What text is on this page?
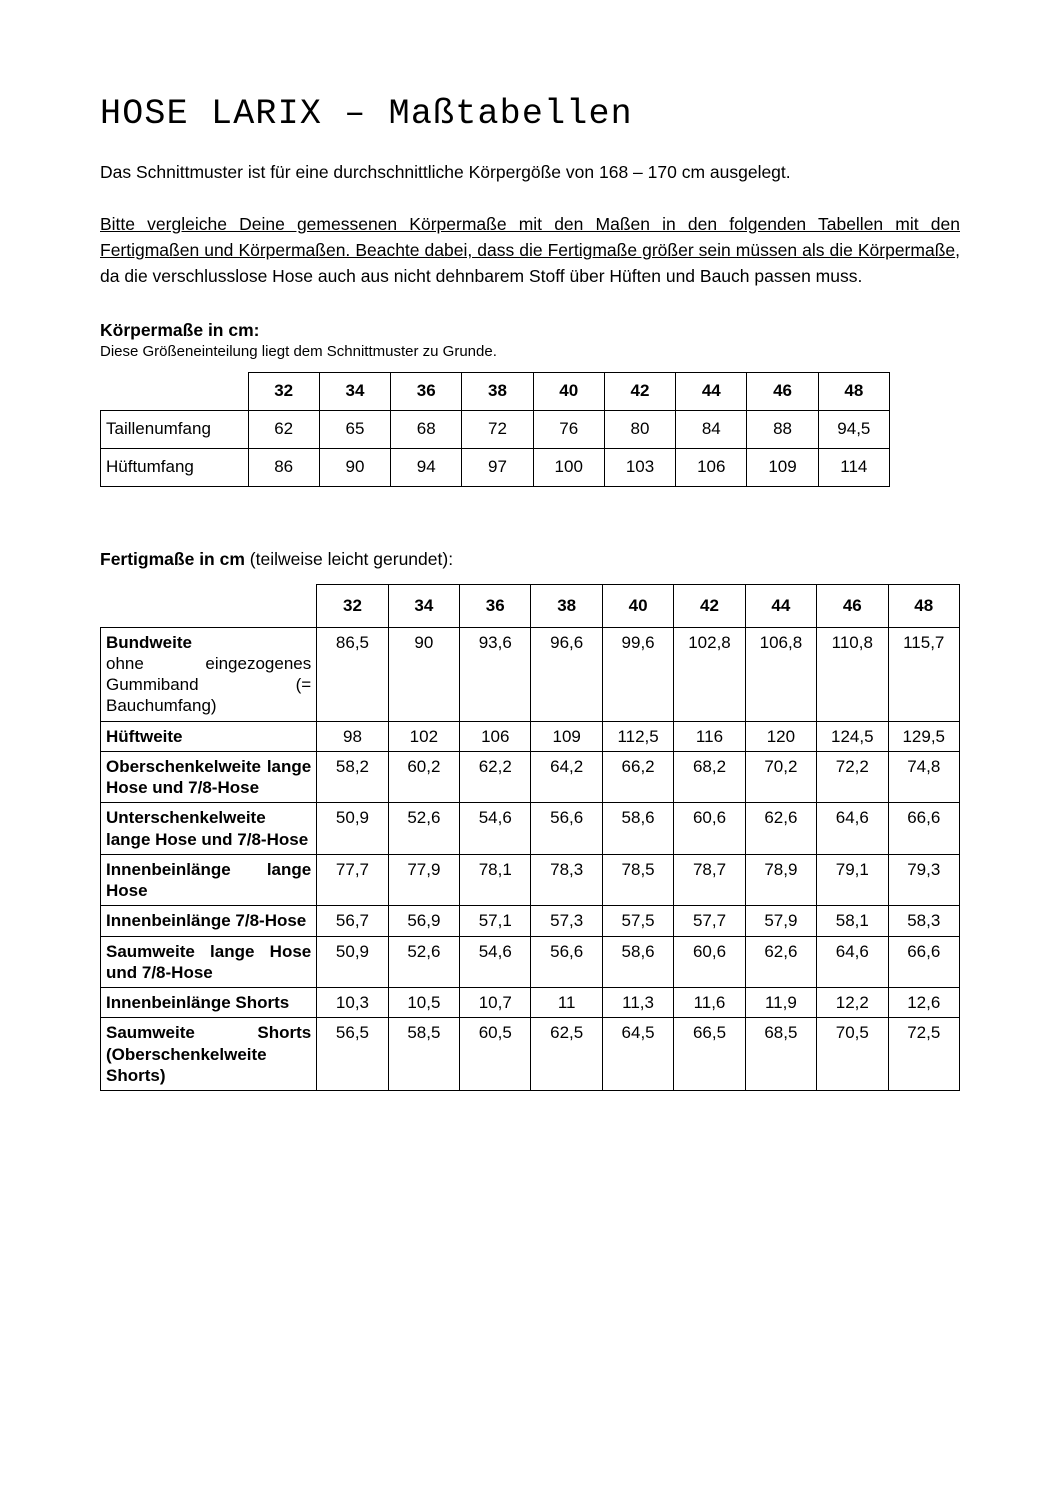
HOSE LARIX – Maßtabellen

Das Schnittmuster ist für eine durchschnittliche Körpergöße von 168 – 170 cm ausgelegt.

Bitte vergleiche Deine gemessenen Körpermaße mit den Maßen in den folgenden Tabellen mit den Fertigmaßen und Körpermaßen. Beachte dabei, dass die Fertigmaße größer sein müssen als die Körpermaße, da die verschlusslose Hose auch aus nicht dehnbarem Stoff über Hüften und Bauch passen muss.

Körpermaße in cm:
Diese Größeneinteilung liegt dem Schnittmuster zu Grunde.
	32	34	36	38	40	42	44	46	48
Taillenumfang	62	65	68	72	76	80	84	88	94,5
Hüftumfang	86	90	94	97	100	103	106	109	114
Fertigmaße in cm (teilweise leicht gerundet):
	32	34	36	38	40	42	44	46	48
Bundweite
ohne eingezogenes Gummiband (= Bauchumfang)	86,5	90	93,6	96,6	99,6	102,8	106,8	110,8	115,7
Hüftweite	98	102	106	109	112,5	116	120	124,5	129,5
Oberschenkelweite lange Hose und 7/8-Hose	58,2	60,2	62,2	64,2	66,2	68,2	70,2	72,2	74,8
Unterschenkelweite lange Hose und 7/8-Hose	50,9	52,6	54,6	56,6	58,6	60,6	62,6	64,6	66,6
Innenbeinlänge lange Hose	77,7	77,9	78,1	78,3	78,5	78,7	78,9	79,1	79,3
Innenbeinlänge 7/8-Hose	56,7	56,9	57,1	57,3	57,5	57,7	57,9	58,1	58,3
Saumweite lange Hose und 7/8-Hose	50,9	52,6	54,6	56,6	58,6	60,6	62,6	64,6	66,6
Innenbeinlänge Shorts	10,3	10,5	10,7	11	11,3	11,6	11,9	12,2	12,6
Saumweite Shorts (Oberschenkelweite Shorts)	56,5	58,5	60,5	62,5	64,5	66,5	68,5	70,5	72,5
